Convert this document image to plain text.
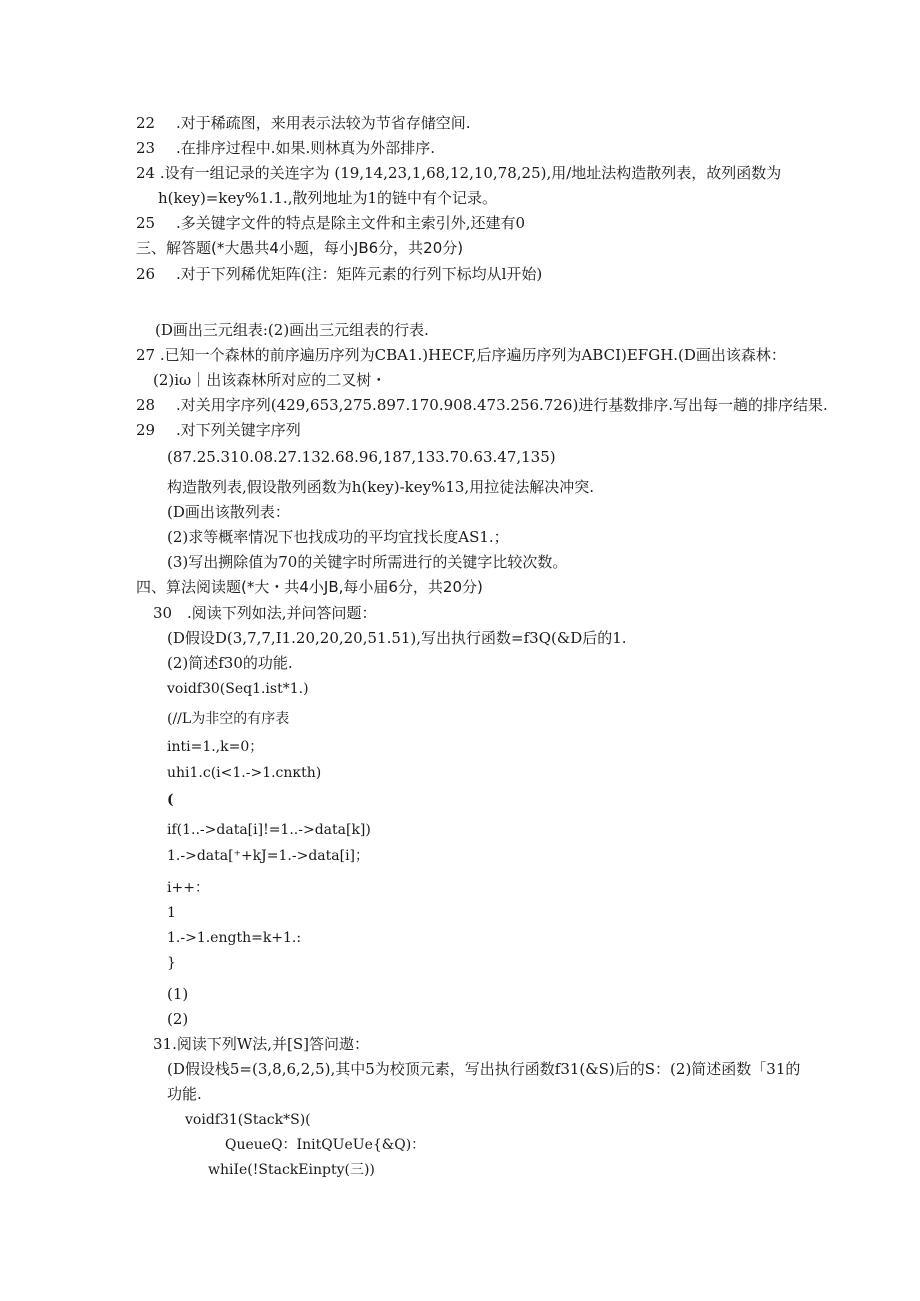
22 .对于稀疏图，来用表示法较为节省存储空间.
23 .在排序过程中.如果.则林真为外部排序.
24 .设有一组记录的关连字为 (19,14,23,1,68,12,10,78,25),用/地址法构造散列表，故列函数为
h(key)=key%1.1.,散列地址为1的链中有个记录。
25 .多关键字文件的特点是除主文件和主索引外,还建有0
三、解答题(*大愚共4小题，每小JB6分，共20分)
26 .对于下列稀优矩阵(注：矩阵元素的行列下标均从l开始)
(D画出三元组表:(2)画出三元组表的行表.
27 .已知一个森林的前序遍历序列为CBA1.)HECF,后序遍历序列为ABCI)EFGH.(D画出该森林：
(2)iω｜出该森林所对应的二叉树・
28 .对关用字序列(429,653,275.897.170.908.473.256.726)进行基数排序.写出每一趟的排序结果.
29 .对下列关键字序列
(87.25.310.08.27.132.68.96,187,133.70.63.47,135)
构造散列表,假设散列函数为h(key)-key%13,用拉徒法解决冲突.
(D画出该散列表：
(2)求等概率情况下也找成功的平均宜找长度AS1.；
(3)写出搠除值为70的关键字时所需进行的关键字比较次数。
四、算法阅读题(*大・共4小JB,每小届6分，共20分)
30 .阅读下列如法,并问答问题：
(D假设D(3,7,7,I1.20,20,20,51.51),写出执行函数=f3Q(&D后的1.
(2)简述f30的功能.
voidf30(Seq1.ist*1.)
(//L为非空的有序表
inti=1.,k=0；
uhi1.c(i<1.->1.cnκth)
(
if(1..->data[i]!=1..->data[k])
1.->data[⁺+kJ=1.->data[i]；
i++：
1
1.->1.ength=k+1.:
}
(1)
(2)
31.阅读下列W法,并[S]答问遨：
(D假设栈5=(3,8,6,2,5),其中5为校顶元素，写出执行函数f31(&S)后的S：(2)简述函数「31的
功能.
voidf31(Stack*S)(
QueueQ：InitQUeUe{&Q)：
whiIe(!StackEinpty(三))
